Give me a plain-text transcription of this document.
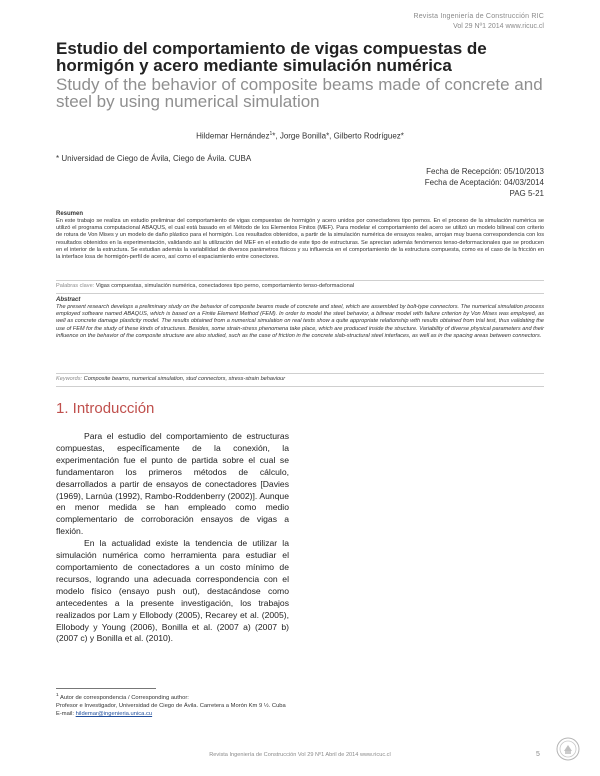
Revista Ingeniería de Construcción RIC
Vol 29 Nº1 2014 www.ricuc.cl
Estudio del comportamiento de vigas compuestas de hormigón y acero mediante simulación numérica
Study of the behavior of composite beams made of concrete and steel by using numerical simulation
Hildemar Hernández$^1$*, Jorge Bonilla*, Gilberto Rodríguez*
* Universidad de Ciego de Ávila, Ciego de Ávila. CUBA
Fecha de Recepción: 05/10/2013
Fecha de Aceptación: 04/03/2014
PAG 5-21
Resumen
En este trabajo se realiza un estudio preliminar del comportamiento de vigas compuestas de hormigón y acero unidos por conectadores tipo pernos. En el proceso de la simulación numérica se utilizó el programa computacional ABAQUS, el cual está basado en el Método de los Elementos Finitos (MEF). Para modelar el comportamiento del acero se utilizó un modelo bilineal con criterio de rotura de Von Mises y un modelo de daño plástico para el hormigón. Los resultados obtenidos, a partir de la simulación numérica de ensayos reales, arrojan muy buena correspondencia con los resultados obtenidos en la experimentación, validando así la utilización del MEF en el estudio de este tipo de estructuras. Se aprecian además fenómenos tenso-deformacionales que se producen en el interior de la estructura. Se estudian además la variabilidad de diversos parámetros físicos y su influencia en el comportamiento de la estructura compuesta, como es el caso de la fricción en la interface losa de hormigón-perfil de acero, así como el espaciamiento entre conectores.
Palabras clave: Vigas compuestas, simulación numérica, conectadores tipo perno, comportamiento tenso-deformacional
Abstract
The present research develops a preliminary study on the behavior of composite beams made of concrete and steel, which are assembled by bolt-type connectors. The numerical simulation process employed software named ABAQUS, which is based on a Finite Element Method (FEM). In order to model the steel behavior, a bilinear model with failure criterion by Von Mises was employed, as well as concrete damage plasticity model. The results obtained from a numerical simulation on real tests show a quite appropriate relationship with results obtained from trial test, thus validating the use of FEM for the study of these kinds of structures. Besides, some strain-stress phenomena take place, which are produced inside the structure. Variability of diverse physical parameters and their influence on the behavior of the composite structure are also studied, such as the case of friction in the concrete slab-structural steel interfaces, as well as in the spacing areas between connectors.
Keywords: Composite beams, numerical simulation, stud connectors, stress-strain behaviour
1. Introducción

Para el estudio del comportamiento de estructuras compuestas, específicamente de la conexión, la experimentación fue el punto de partida sobre el cual se fundamentaron los primeros métodos de cálculo, desarrollados a partir de ensayos de conectadores [Davies (1969), Larnúa (1992), Rambo-Roddenberry (2002)]. Aunque en menor medida se han empleado como medio complementario de corroboración ensayos de vigas a flexión.

En la actualidad existe la tendencia de utilizar la simulación numérica como herramienta para estudiar el comportamiento de conectadores a un costo mínimo de recursos, logrando una adecuada correspondencia con el modelo físico (ensayo push out), destacándose como antecedentes a la presente investigación, los trabajos realizados por Lam y Ellobody (2005), Recarey et al. (2005), Ellobody y Young (2006), Bonilla et al. (2007 a) (2007 b) (2007 c) y Bonilla et al. (2010).

$^1$ Autor de correspondencia / Corresponding author:
Profesor e Investigador, Universidad de Ciego de Ávila. Carretera a Morón Km 9 ½. Cuba
E-mail: hildemar@ingenieria.unica.cu
Revista Ingeniería de Construcción Vol 29 Nº1 Abril de 2014 www.ricuc.cl	5
